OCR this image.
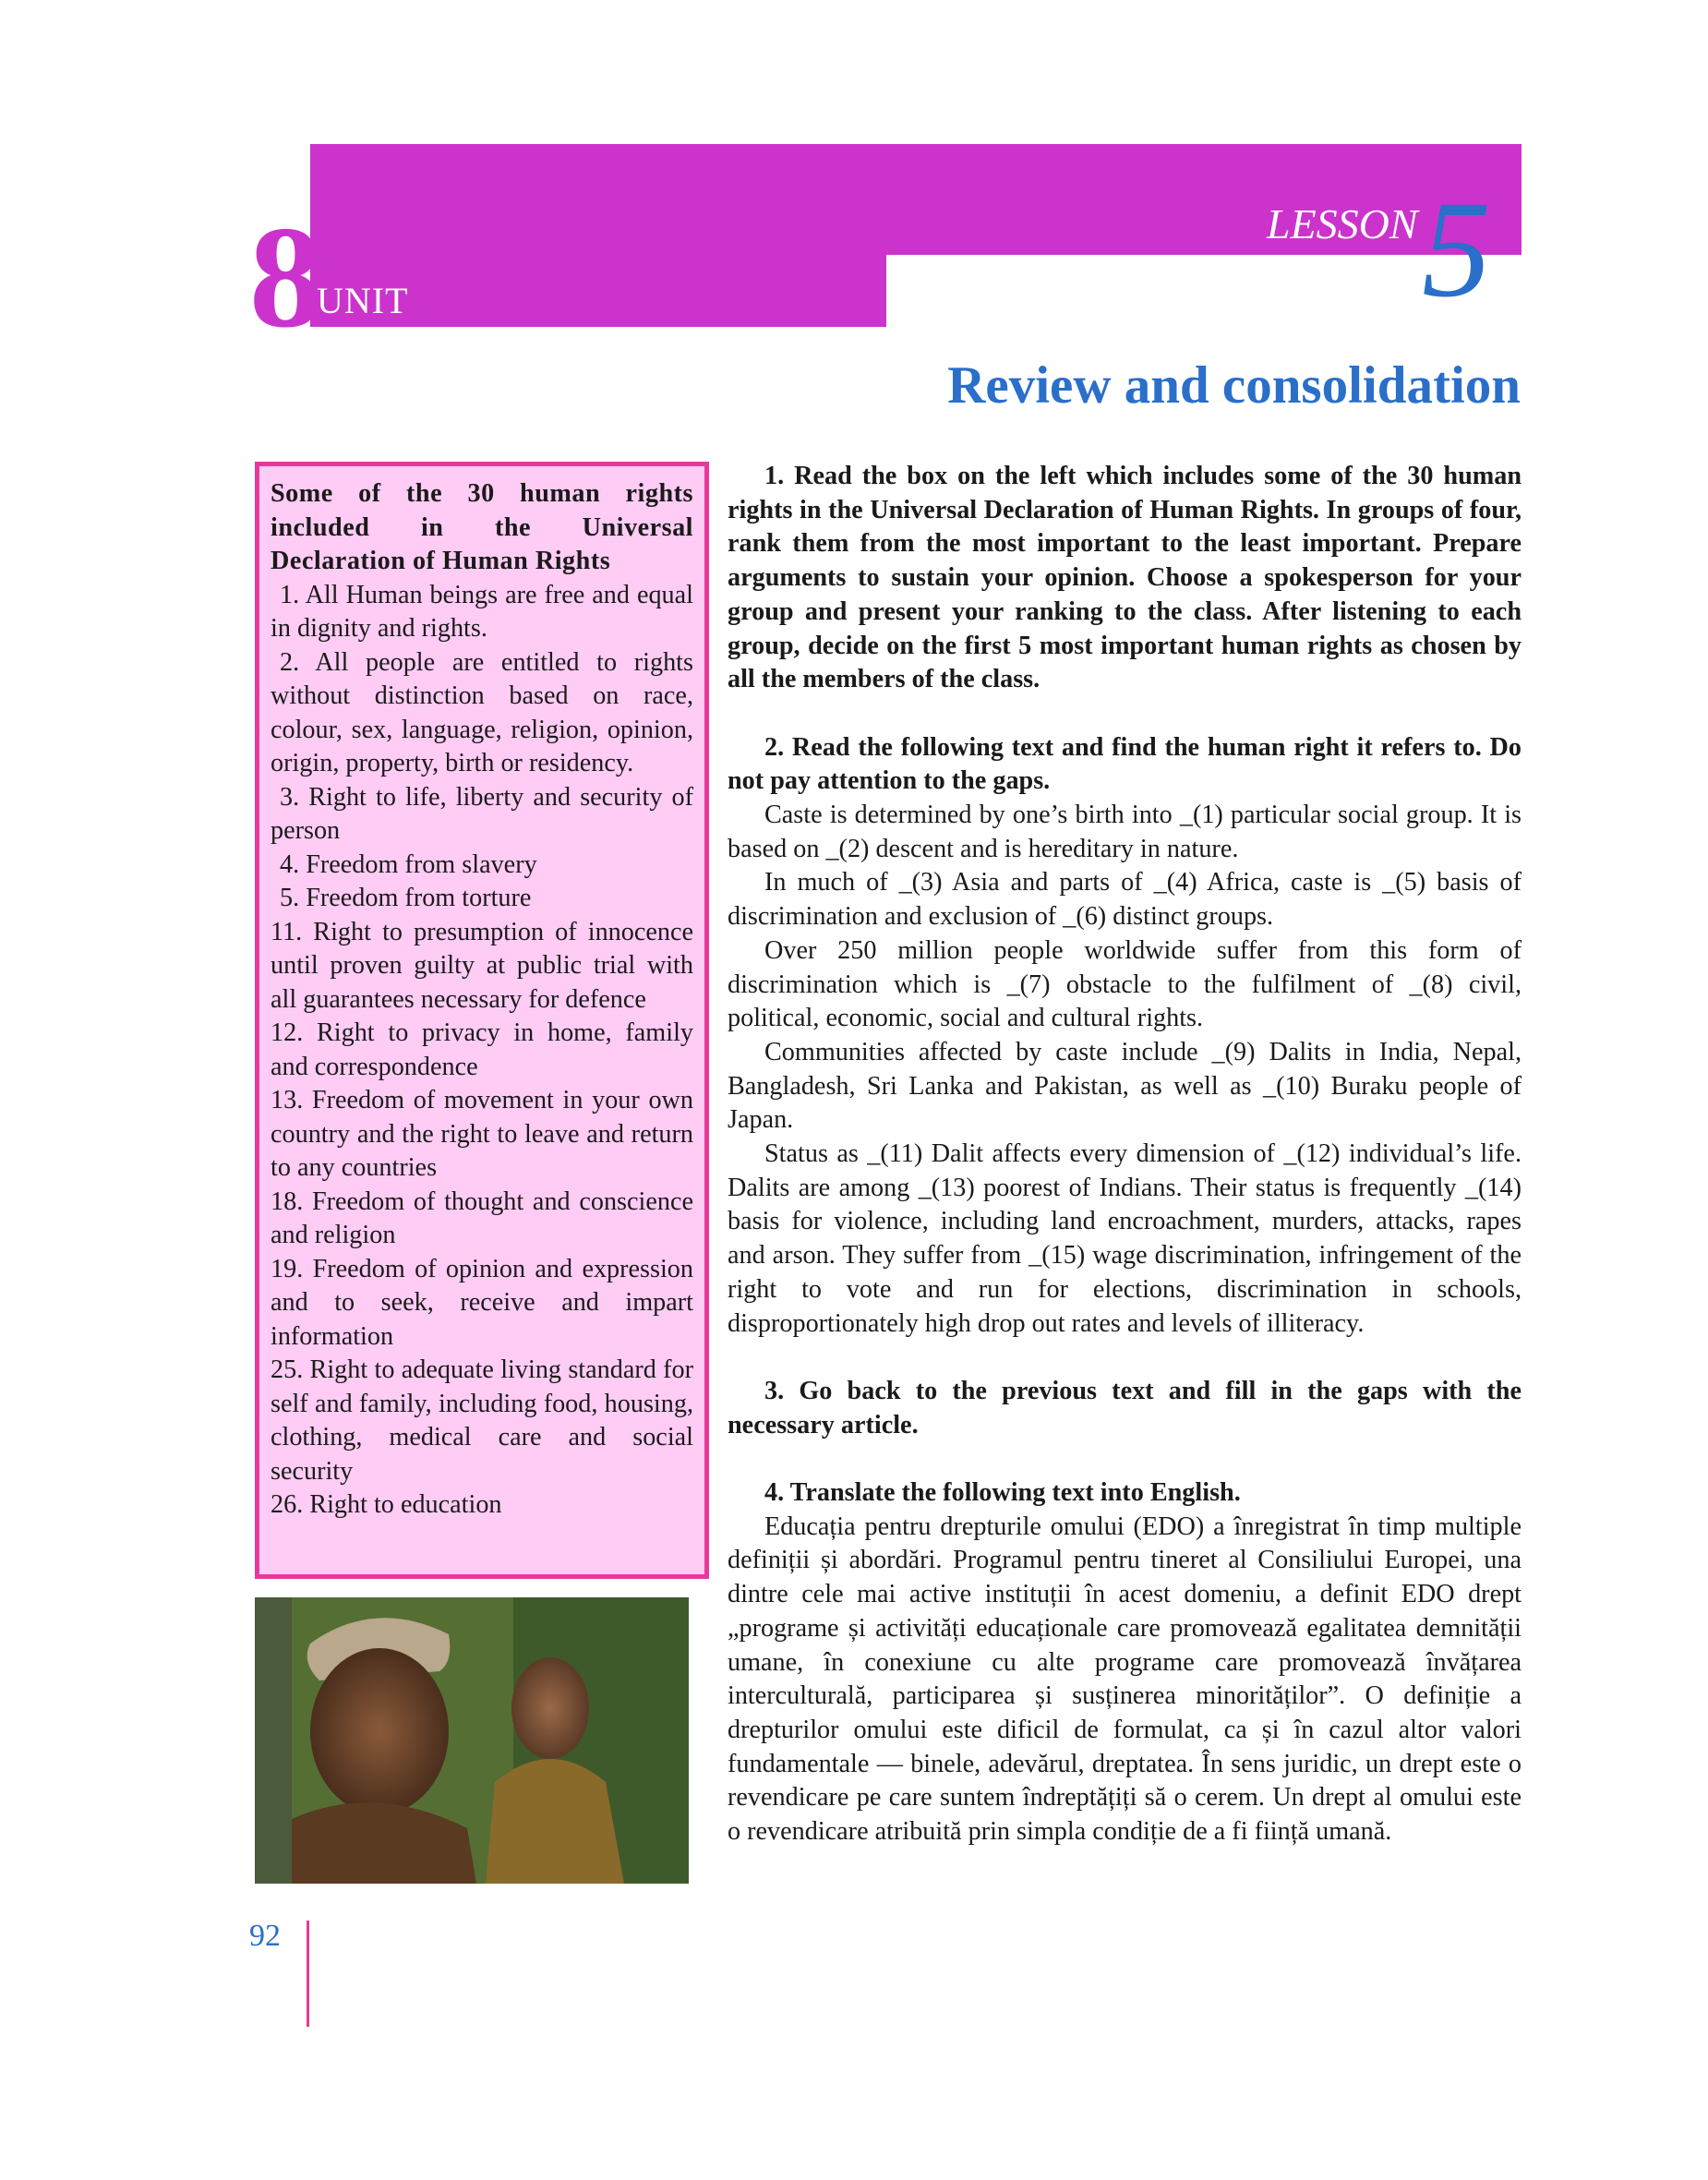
8
UNIT
LESSON 5
Review and consolidation

Some of the 30 human rights included in the Universal Declaration of Human Rights

1. All Human beings are free and equal in dignity and rights.

2. All people are entitled to rights without distinction based on race, colour, sex, language, religion, opinion, origin, property, birth or residency.

3. Right to life, liberty and security of person

4. Freedom from slavery

5. Freedom from torture

11. Right to presumption of innocence until proven guilty at public trial with all guarantees necessary for defence

12. Right to privacy in home, family and correspondence

13. Freedom of movement in your own country and the right to leave and return to any countries

18. Freedom of thought and conscience and religion

19. Freedom of opinion and expression and to seek, receive and impart information

25. Right to adequate living standard for self and family, including food, housing, clothing, medical care and social security

26. Right to education

1. Read the box on the left which includes some of the 30 human rights in the Universal Declaration of Human Rights. In groups of four, rank them from the most important to the least important. Prepare arguments to sustain your opinion. Choose a spokesperson for your group and present your ranking to the class. After listening to each group, decide on the first 5 most important human rights as chosen by all the members of the class.

2. Read the following text and find the human right it refers to. Do not pay attention to the gaps.

Caste is determined by one’s birth into _(1) particular social group. It is based on _(2) descent and is hereditary in nature.

In much of _(3) Asia and parts of _(4) Africa, caste is _(5) basis of discrimination and exclusion of _(6) distinct groups.

Over 250 million people worldwide suffer from this form of discrimination which is _(7) obstacle to the fulfilment of _(8) civil, political, economic, social and cultural rights.

Communities affected by caste include _(9) Dalits in India, Nepal, Bangladesh, Sri Lanka and Pakistan, as well as _(10) Buraku people of Japan.

Status as _(11) Dalit affects every dimension of _(12) individual’s life. Dalits are among _(13) poorest of Indians. Their status is frequently _(14) basis for violence, including land encroachment, murders, attacks, rapes and arson. They suffer from _(15) wage discrimination, infringement of the right to vote and run for elections, discrimination in schools, disproportionately high drop out rates and levels of illiteracy.

3. Go back to the previous text and fill in the gaps with the necessary article.

4. Translate the following text into English.

Educația pentru drepturile omului (EDO) a înregistrat în timp multiple definiții și abordări. Programul pentru tineret al Consiliului Europei, una dintre cele mai active instituții în acest domeniu, a definit EDO drept „programe și activități educaționale care promovează egalitatea demnității umane, în conexiune cu alte programe care promovează învățarea interculturală, participarea și susținerea minorităților”. O definiție a drepturilor omului este dificil de formulat, ca și în cazul altor valori fundamentale — binele, adevărul, dreptatea. În sens juridic, un drept este o revendicare pe care suntem îndreptățiți să o cerem. Un drept al omului este o revendicare atribuită prin simpla condiție de a fi ființă umană.

92
